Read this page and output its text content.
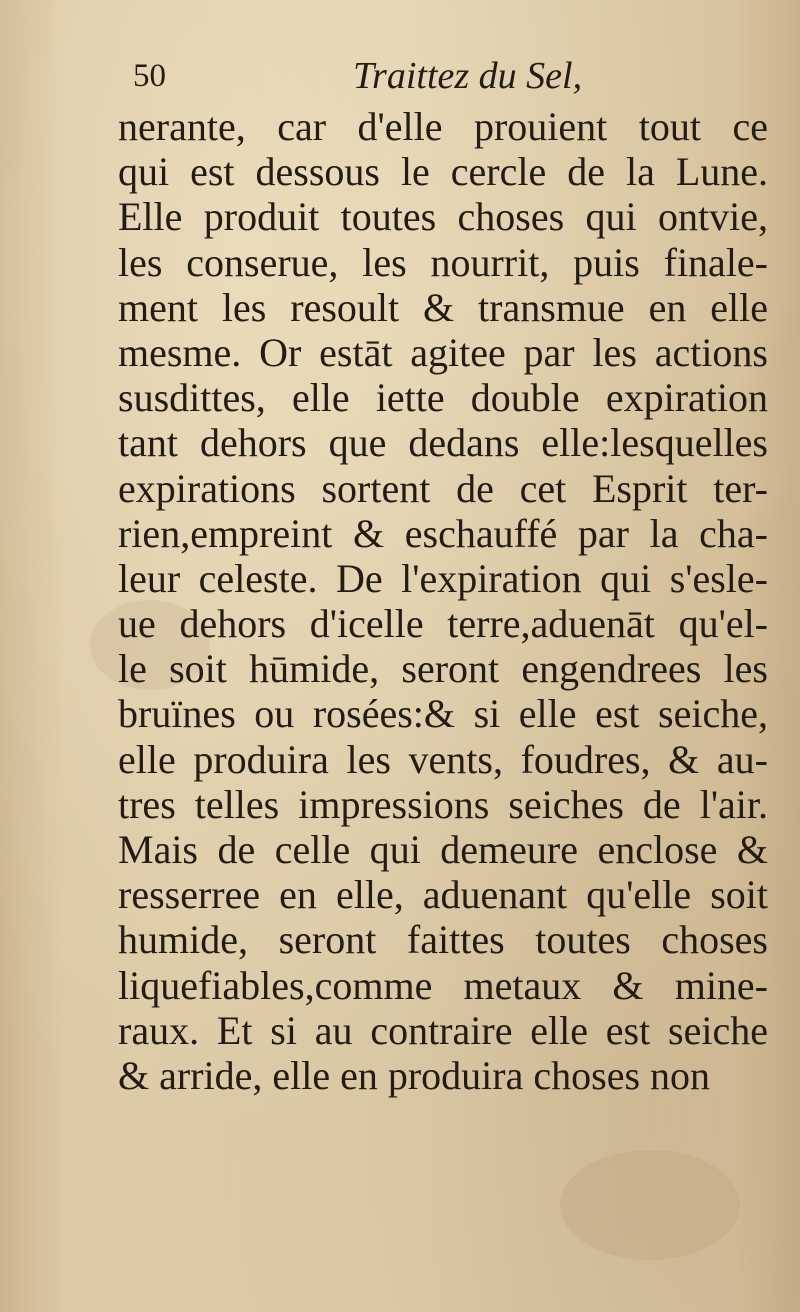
50	Traittez du Sel,
nerante, car d'elle prouient tout ce
qui est dessous le cercle de la Lune.
Elle produit toutes choses qui ontvie,
les conserue, les nourrit, puis finale-
ment les resoult & transmue en elle
mesme. Or estāt agitee par les actions
susdittes, elle iette double expiration
tant dehors que dedans elle:lesquelles
expirations sortent de cet Esprit ter-
rien,empreint & eschauffé par la cha-
leur celeste. De l'expiration qui s'esle-
ue dehors d'icelle terre,aduenāt qu'el-
le soit hūmide, seront engendrees les
bruïnes ou rosées:& si elle est seiche,
elle produira les vents, foudres, & au-
tres telles impressions seiches de l'air.
Mais de celle qui demeure enclose &
resserree en elle, aduenant qu'elle soit
humide, seront faittes toutes choses
liquefiables,comme metaux & mine-
raux. Et si au contraire elle est seiche
& arride, elle en produira choses non
